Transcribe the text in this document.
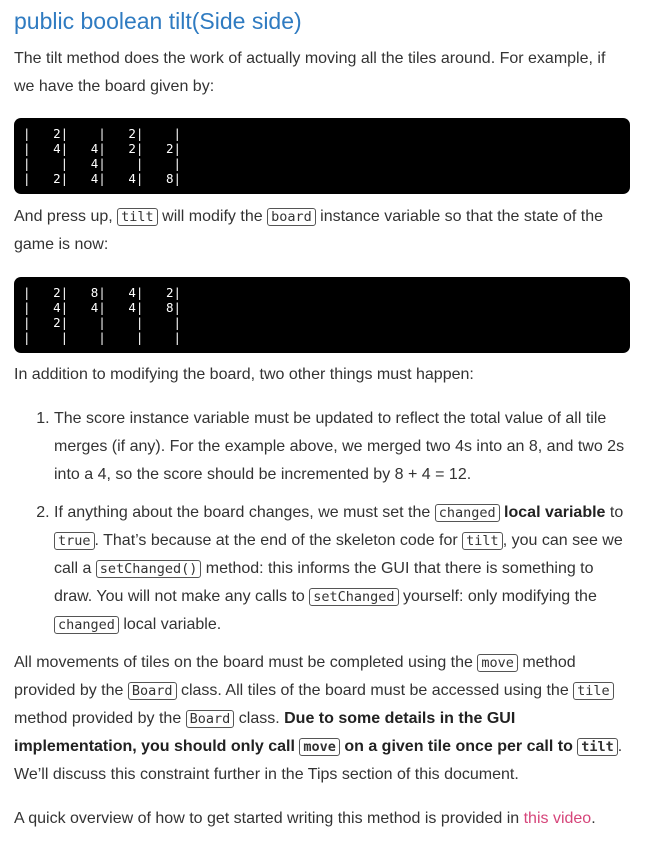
public boolean tilt(Side side)

The tilt method does the work of actually moving all the tiles around. For example, if we have the board given by:

|   2|    |   2|    |
|   4|   4|   2|   2|
|    |   4|    |    |
|   2|   4|   4|   8|

And press up, tilt will modify the board instance variable so that the state of the game is now:

|   2|   8|   4|   2|
|   4|   4|   4|   8|
|   2|    |    |    |
|    |    |    |    |

In addition to modifying the board, two other things must happen:

1. The score instance variable must be updated to reflect the total value of all tile merges (if any). For the example above, we merged two 4s into an 8, and two 2s into a 4, so the score should be incremented by 8 + 4 = 12.
2. If anything about the board changes, we must set the changed local variable to true . That’s because at the end of the skeleton code for tilt , you can see we call a setChanged() method: this informs the GUI that there is something to draw. You will not make any calls to setChanged yourself: only modifying the changed local variable.

All movements of tiles on the board must be completed using the move method provided by the Board class. All tiles of the board must be accessed using the tile method provided by the Board class. Due to some details in the GUI implementation, you should only call move on a given tile once per call to tilt . We’ll discuss this constraint further in the Tips section of this document.

A quick overview of how to get started writing this method is provided in this video.
